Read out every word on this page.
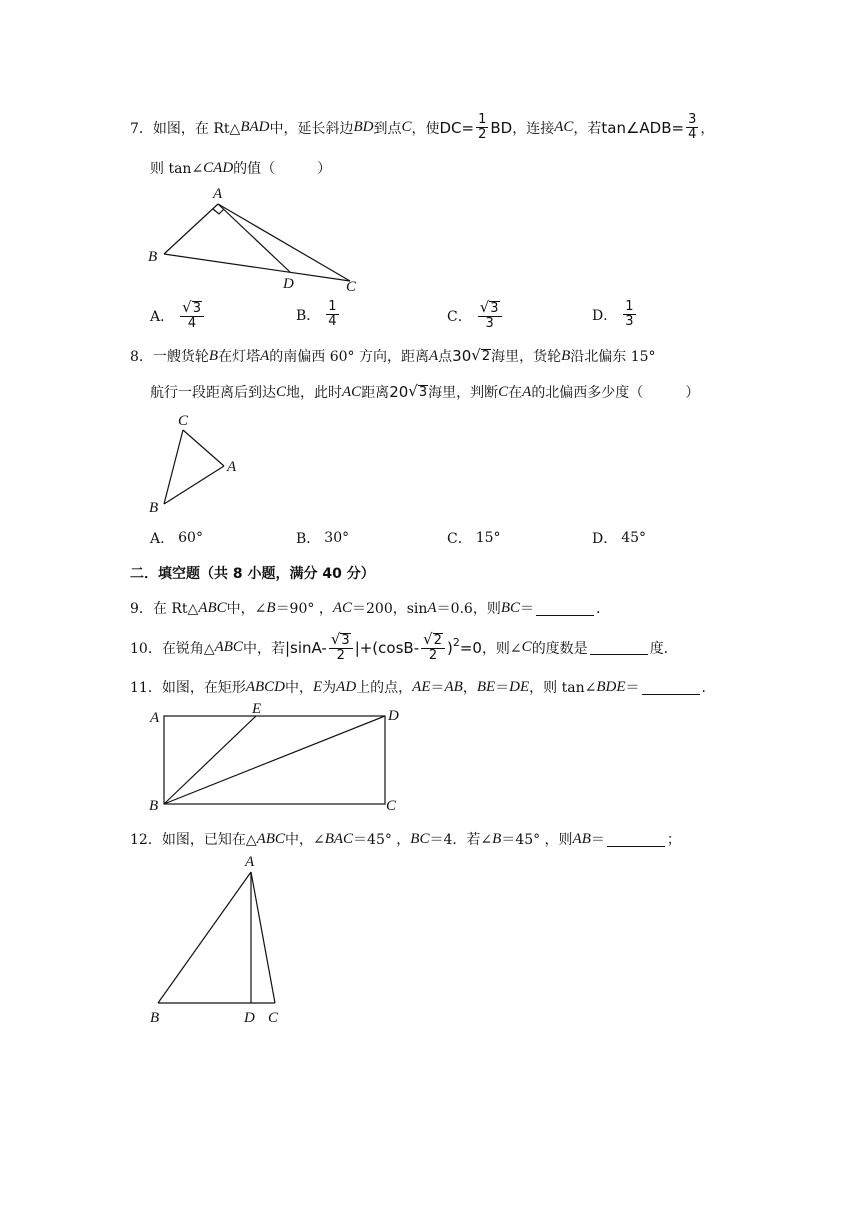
7． 如图，在 Rt△ BAD 中，延长斜边 BD 到点 C ，使 $DC= \frac{1}{2}$ BD ，连接 AC ，若 tan∠ADB= $\frac{3}{4}$ ，
则 tan∠ CAD 的值（	）
A
B
D	C
A． $\frac{√ 3}{4}$	B． $\frac{1}{4}$	C． $\frac{√ 3}{3}$	D． $\frac{1}{3}$
8． 一艘货轮 B 在灯塔 A 的南偏西 60° 方向，距离 A 点 30 √ 2 海里，货轮 B 沿北偏东 15°
航行一段距离后到达 C 地，此时 AC 距离 20 √ 3 海里，判断 C 在 A 的北偏西多少度（	）
C
A
B
A． 60°	B． 30°	C． 15°	D． 45°
二．填空题（共 8 小题，满分 40 分）
9． 在 Rt△ ABC 中，∠ B ＝90° ， AC ＝200，sin A ＝0.6，则 BC ＝	．
10． 在锐角△ ABC 中，若 $|\sin A- \frac{√ 3}{2} |+(\cos B- \frac{√ 2}{2} )^2 =0$ ，则∠ C 的度数是	度．
11． 如图，在矩形 ABCD 中， E 为 AD 上的点， AE ＝ AB ， BE ＝ DE ，则 tan∠ BDE ＝	．
A
E	D
B	C
12． 如图，已知在△ ABC 中，∠ BAC ＝45° ， BC ＝4．若∠ B ＝45° ，则 AB ＝	；
A
B	D C
